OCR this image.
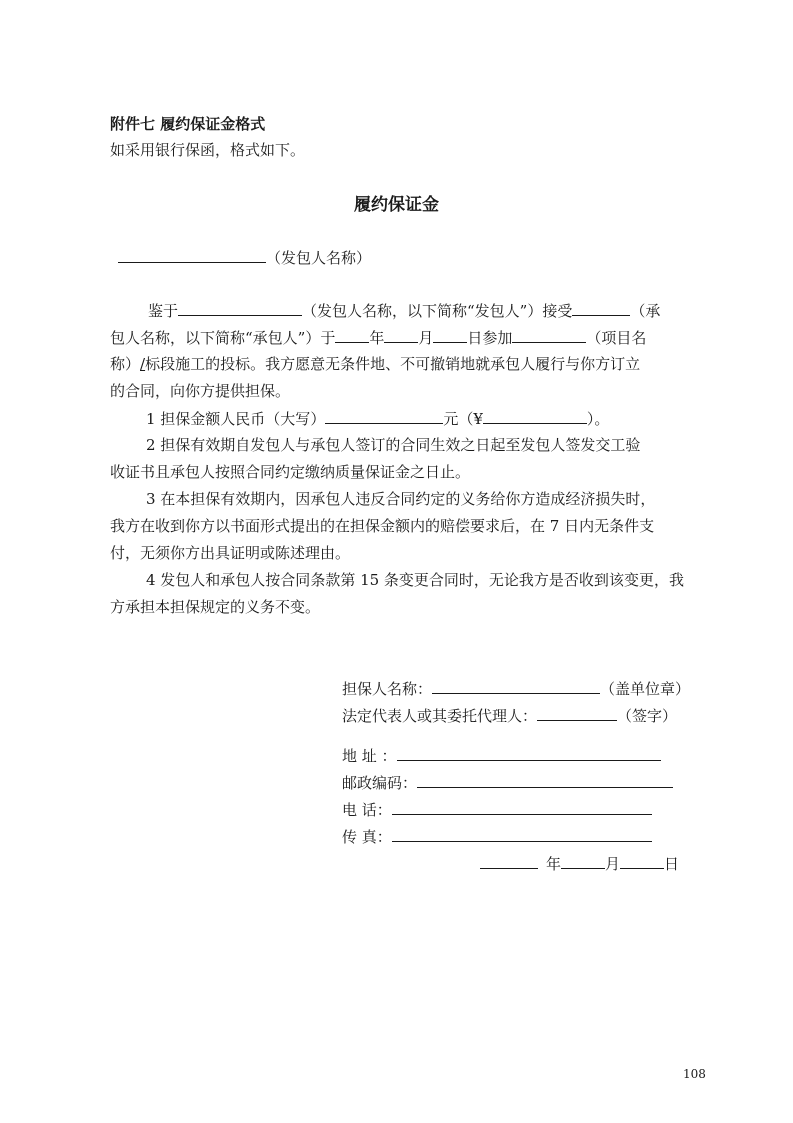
附件七 履约保证金格式
如采用银行保函，格式如下。
履约保证金
（发包人名称）
鉴于	（发包人名称，以下简称“发包人”）接受	（承
包人名称，以下简称“承包人”）于 年 月 日参加	（项目名
称）/标段施工的投标。我方愿意无条件地、不可撤销地就承包人履行与你方订立
的合同，向你方提供担保。
1 担保金额人民币（大写）	元（¥	）。
2 担保有效期自发包人与承包人签订的合同生效之日起至发包人签发交工验
收证书且承包人按照合同约定缴纳质量保证金之日止。
3 在本担保有效期内，因承包人违反合同约定的义务给你方造成经济损失时，
我方在收到你方以书面形式提出的在担保金额内的赔偿要求后，在 7 日内无条件支
付，无须你方出具证明或陈述理由。
4 发包人和承包人按合同条款第 15 条变更合同时，无论我方是否收到该变更，我
方承担本担保规定的义务不变。
担保人名称：	（盖单位章）
法定代表人或其委托代理人：	（签字）
地 址 ：
邮政编码：
电 话：
传 真：
年	月	日
108
